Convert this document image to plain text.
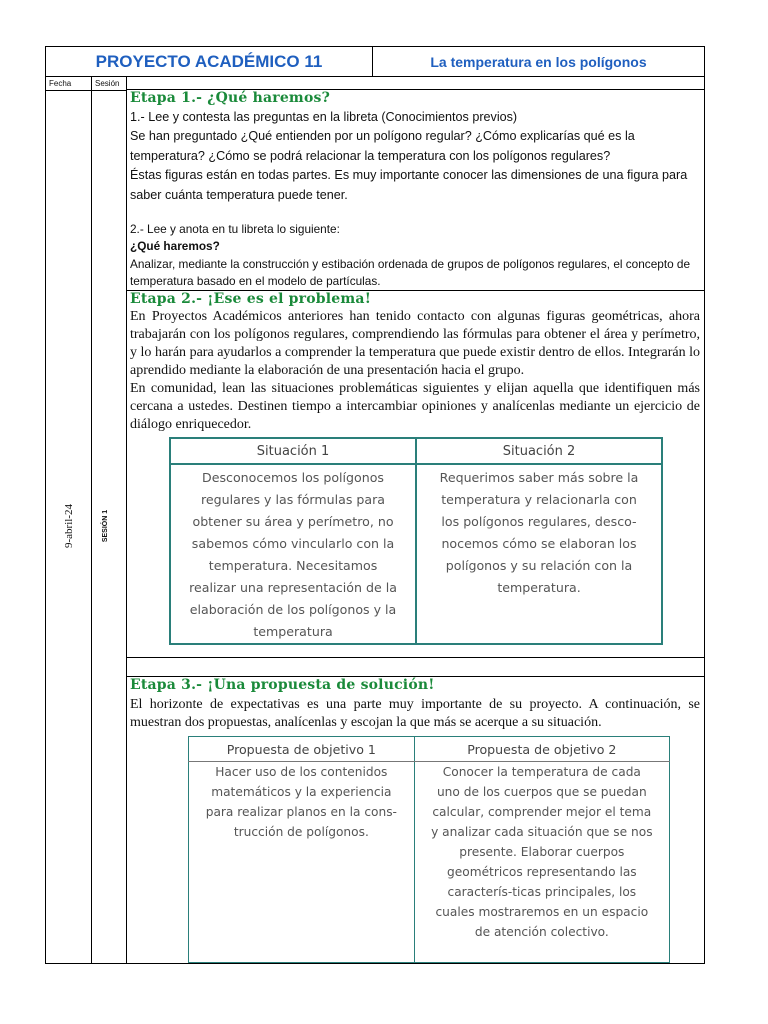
PROYECTO ACADÉMICO 11	La temperatura en los polígonos
Fecha	Sesión
9-abril-24	SESIÓN 1
Etapa 1.- ¿Qué haremos?
1.- Lee y contesta las preguntas en la libreta (Conocimientos previos)
Se han preguntado ¿Qué entienden por un polígono regular? ¿Cómo explicarías qué es la temperatura? ¿Cómo se podrá relacionar la temperatura con los polígonos regulares?
Éstas figuras están en todas partes. Es muy importante conocer las dimensiones de una figura para saber cuánta temperatura puede tener.
2.- Lee y anota en tu libreta lo siguiente:
¿Qué haremos?
Analizar, mediante la construcción y estibación ordenada de grupos de polígonos regulares, el concepto de temperatura basado en el modelo de partículas.
Etapa 2.- ¡Ese es el problema!
En Proyectos Académicos anteriores han tenido contacto con algunas figuras geométricas, ahora trabajarán con los polígonos regulares, comprendiendo las fórmulas para obtener el área y perímetro, y lo harán para ayudarlos a comprender la temperatura que puede existir dentro de ellos. Integrarán lo aprendido mediante la elaboración de una presentación hacia el grupo.
En comunidad, lean las situaciones problemáticas siguientes y elijan aquella que identifiquen más cercana a ustedes. Destinen tiempo a intercambiar opiniones y analícenlas mediante un ejercicio de diálogo enriquecedor.
Situación 1	Situación 2
Desconocemos los polígonos regulares y las fórmulas para obtener su área y perímetro, no sabemos cómo vincularlo con la temperatura. Necesitamos realizar una representación de la elaboración de los polígonos y la temperatura	Requerimos saber más sobre la temperatura y relacionarla con los polígonos regulares, desco-nocemos cómo se elaboran los polígonos y su relación con la temperatura.
Etapa 3.- ¡Una propuesta de solución!
El horizonte de expectativas es una parte muy importante de su proyecto. A continuación, se muestran dos propuestas, analícenlas y escojan la que más se acerque a su situación.
Propuesta de objetivo 1	Propuesta de objetivo 2
Hacer uso de los contenidos matemáticos y la experiencia para realizar planos en la cons-trucción de polígonos.	Conocer la temperatura de cada uno de los cuerpos que se puedan calcular, comprender mejor el tema y analizar cada situación que se nos presente. Elaborar cuerpos geométricos representando las caracterís-ticas principales, los cuales mostraremos en un espacio de atención colectivo.
